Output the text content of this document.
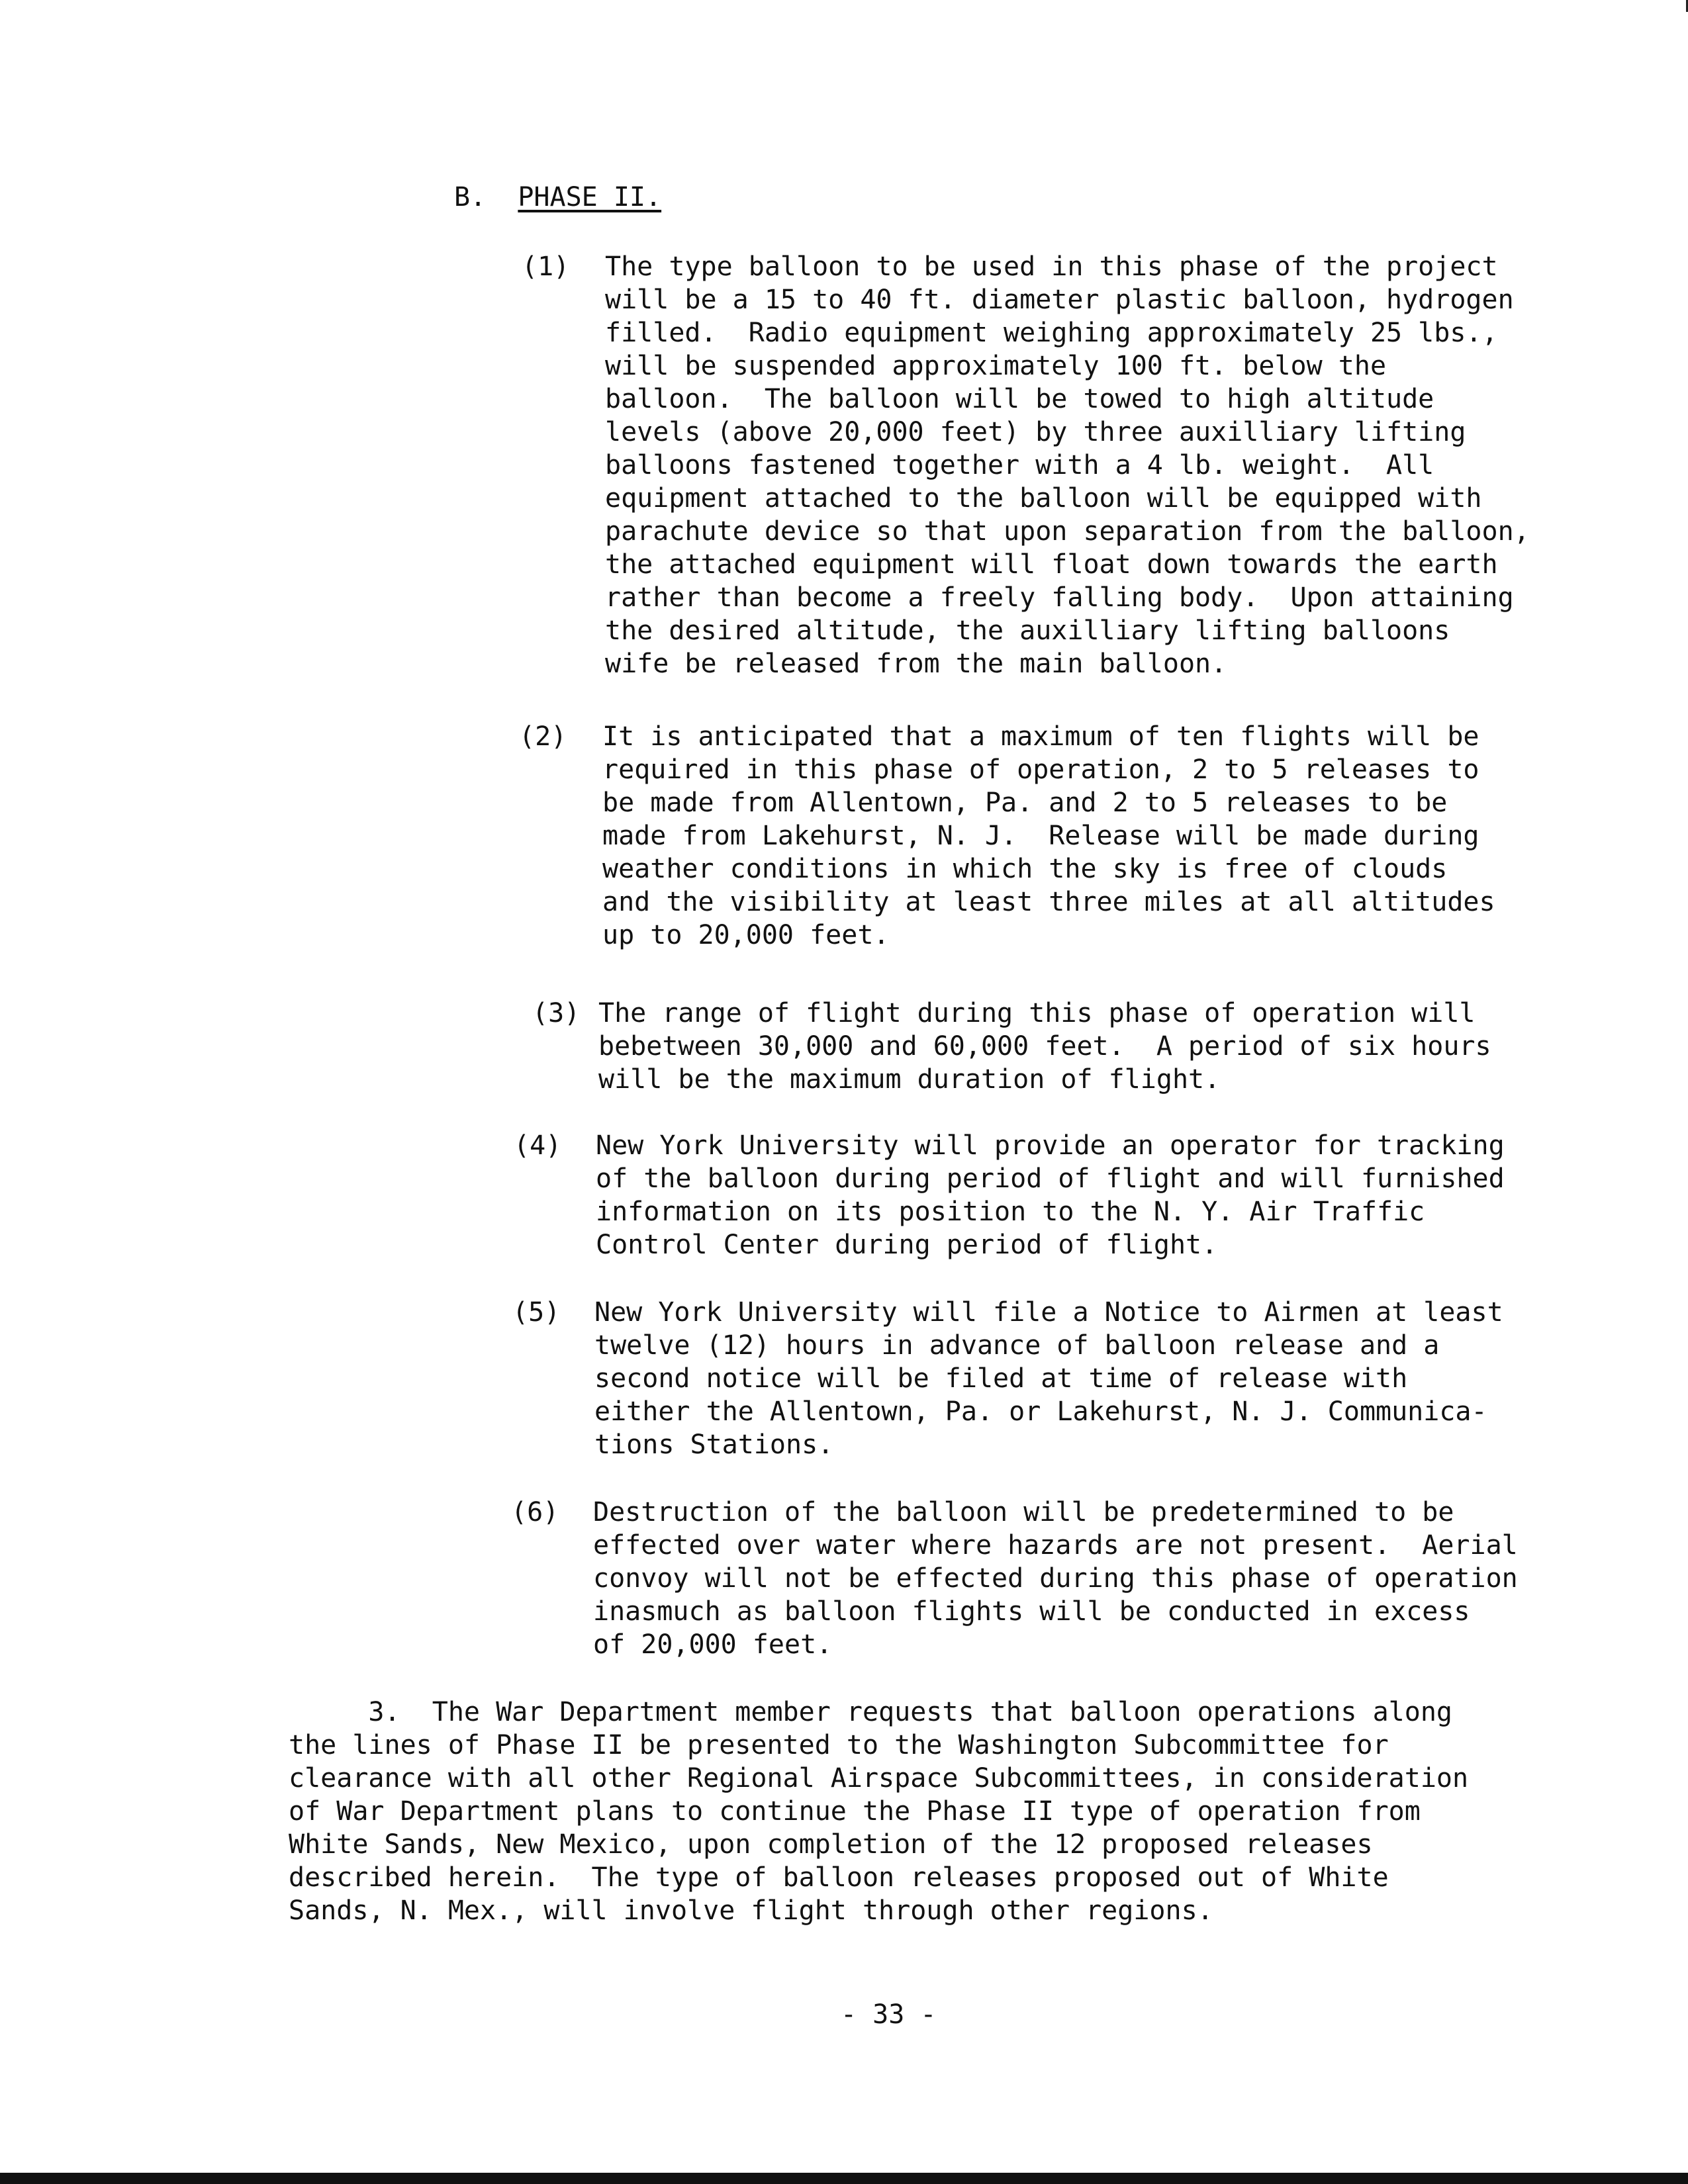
B. PHASE II.
(1) The type balloon to be used in this phase of the project
will be a 15 to 40 ft. diameter plastic balloon, hydrogen
filled.  Radio equipment weighing approximately 25 lbs.,
will be suspended approximately 100 ft. below the
balloon.  The balloon will be towed to high altitude
levels (above 20,000 feet) by three auxilliary lifting
balloons fastened together with a 4 lb. weight.  All
equipment attached to the balloon will be equipped with
parachute device so that upon separation from the balloon,
the attached equipment will float down towards the earth
rather than become a freely falling body.  Upon attaining
the desired altitude, the auxilliary lifting balloons
wife be released from the main balloon.
(2) It is anticipated that a maximum of ten flights will be
required in this phase of operation, 2 to 5 releases to
be made from Allentown, Pa. and 2 to 5 releases to be
made from Lakehurst, N. J.  Release will be made during
weather conditions in which the sky is free of clouds
and the visibility at least three miles at all altitudes
up to 20,000 feet.
(3) The range of flight during this phase of operation will
bebetween 30,000 and 60,000 feet.  A period of six hours
will be the maximum duration of flight.
(4) New York University will provide an operator for tracking
of the balloon during period of flight and will furnished
information on its position to the N. Y. Air Traffic
Control Center during period of flight.
(5) New York University will file a Notice to Airmen at least
twelve (12) hours in advance of balloon release and a
second notice will be filed at time of release with
either the Allentown, Pa. or Lakehurst, N. J. Communica-
tions Stations.
(6) Destruction of the balloon will be predetermined to be
effected over water where hazards are not present.  Aerial
convoy will not be effected during this phase of operation
inasmuch as balloon flights will be conducted in excess
of 20,000 feet.
3.  The War Department member requests that balloon operations along
the lines of Phase II be presented to the Washington Subcommittee for
clearance with all other Regional Airspace Subcommittees, in consideration
of War Department plans to continue the Phase II type of operation from
White Sands, New Mexico, upon completion of the 12 proposed releases
described herein.  The type of balloon releases proposed out of White
Sands, N. Mex., will involve flight through other regions.
- 33 -
